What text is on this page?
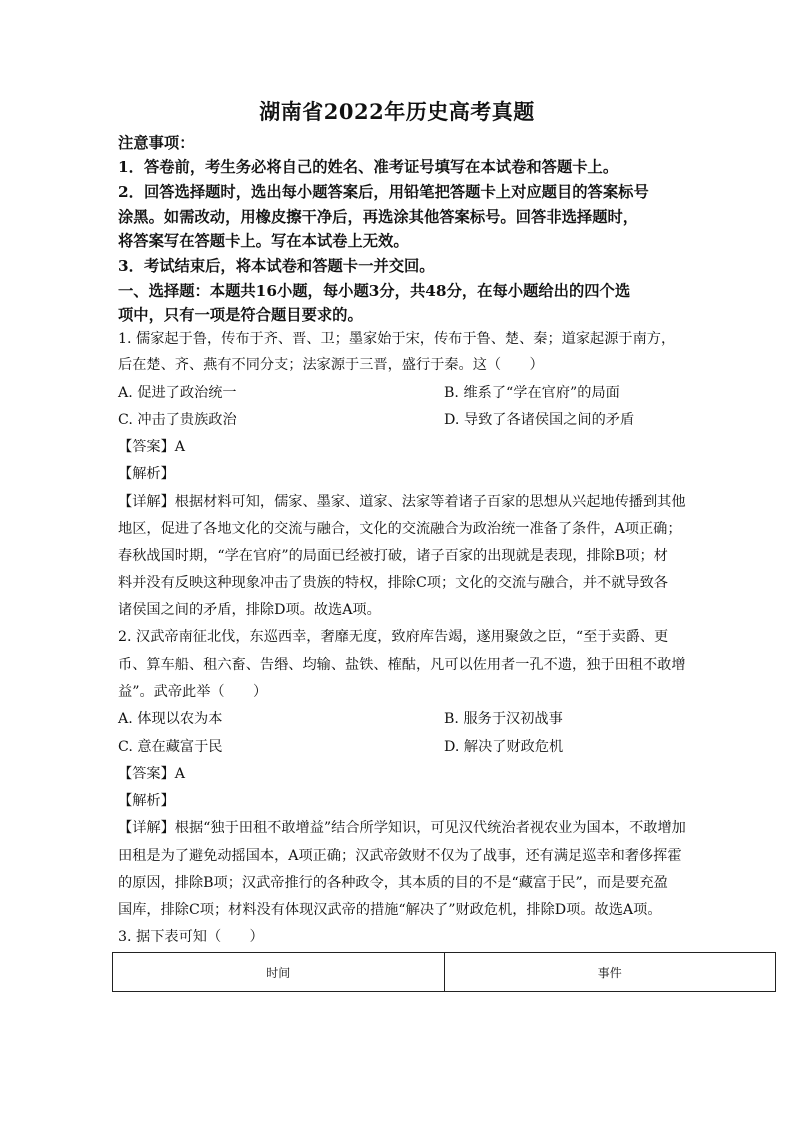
湖南省2022年历史高考真题
注意事项：
1．答卷前，考生务必将自己的姓名、准考证号填写在本试卷和答题卡上。
2．回答选择题时，选出每小题答案后，用铅笔把答题卡上对应题目的答案标号
涂黑。如需改动，用橡皮擦干净后，再选涂其他答案标号。回答非选择题时，
将答案写在答题卡上。写在本试卷上无效。
3．考试结束后，将本试卷和答题卡一并交回。
一、选择题：本题共16小题，每小题3分，共48分，在每小题给出的四个选
项中，只有一项是符合题目要求的。
1. 儒家起于鲁，传布于齐、晋、卫；墨家始于宋，传布于鲁、楚、秦；道家起源于南方，
后在楚、齐、燕有不同分支；法家源于三晋，盛行于秦。这（　　）
A. 促进了政治统一	B. 维系了“学在官府”的局面
C. 冲击了贵族政治	D. 导致了各诸侯国之间的矛盾
【答案】A
【解析】
【详解】根据材料可知，儒家、墨家、道家、法家等着诸子百家的思想从兴起地传播到其他
地区，促进了各地文化的交流与融合，文化的交流融合为政治统一准备了条件，A项正确；
春秋战国时期，“学在官府”的局面已经被打破，诸子百家的出现就是表现，排除B项；材
料并没有反映这种现象冲击了贵族的特权，排除C项；文化的交流与融合，并不就导致各
诸侯国之间的矛盾，排除D项。故选A项。
2. 汉武帝南征北伐，东巡西幸，奢靡无度，致府库告竭，遂用聚敛之臣，“至于卖爵、更
币、算车船、租六畜、告缗、均输、盐铁、榷酤，凡可以佐用者一孔不遗，独于田租不敢增
益”。武帝此举（　　）
A. 体现以农为本	B. 服务于汉初战事
C. 意在藏富于民	D. 解决了财政危机
【答案】A
【解析】
【详解】根据“独于田租不敢增益”结合所学知识，可见汉代统治者视农业为国本，不敢增加
田租是为了避免动摇国本，A项正确；汉武帝敛财不仅为了战事，还有满足巡幸和奢侈挥霍
的原因，排除B项；汉武帝推行的各种政令，其本质的目的不是“藏富于民”，而是要充盈
国库，排除C项；材料没有体现汉武帝的措施“解决了”财政危机，排除D项。故选A项。
3. 据下表可知（　　）
时间	事件
